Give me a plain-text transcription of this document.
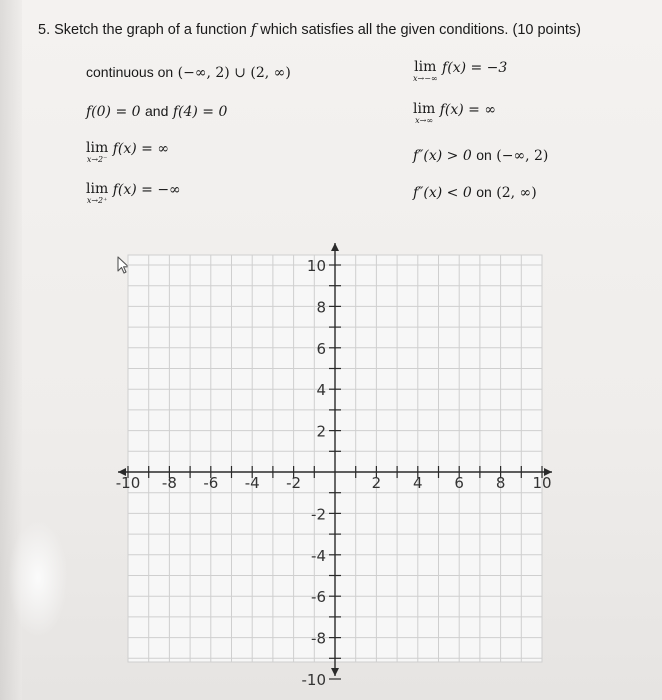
5. Sketch the graph of a function f which satisfies all the given conditions. (10 points)
continuous on (−∞, 2) ∪ (2, ∞)
f(0) = 0 and f(4) = 0
lim
x→2⁻
f(x) = ∞
lim
x→2⁺
f(x) = −∞
lim
x→−∞
f(x) = −3
lim
x→∞
f(x) = ∞
f″(x) > 0 on (−∞, 2)
f″(x) < 0 on (2, ∞)
-10 -8 -6 -4 -2	2 4 6 8 10
10
8
6
4
2
-2
-4
-6
-8
-10
